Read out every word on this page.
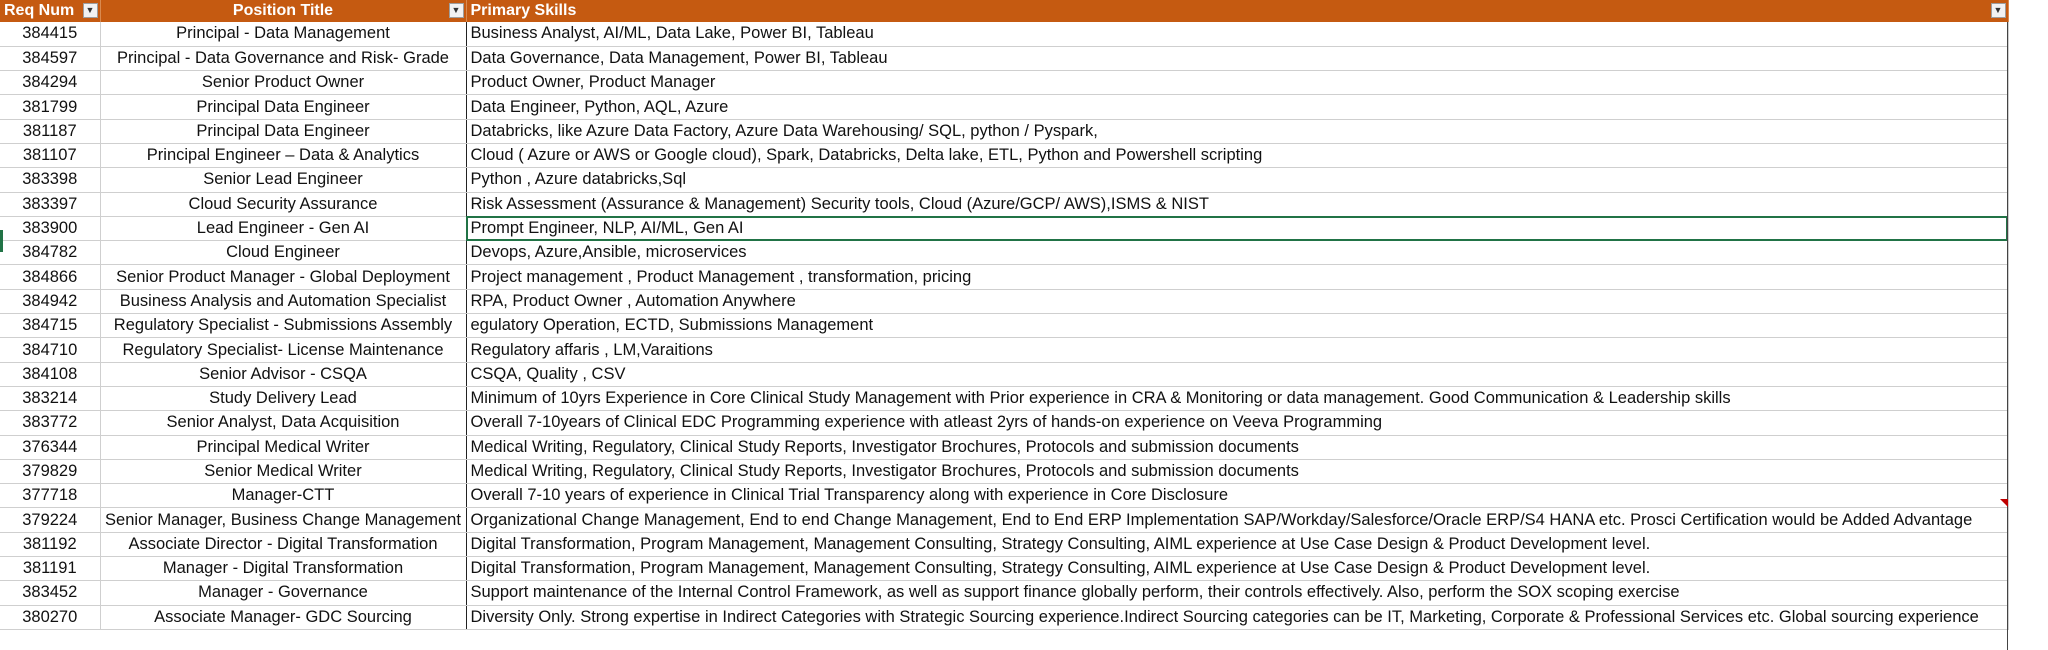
Req Num ▼	Position Title ▼	Primary Skills ▼

384415	Principal - Data Management	Business Analyst, AI/ML, Data Lake, Power BI, Tableau
384597	Principal - Data Governance and Risk- Grade	Data Governance, Data Management, Power BI, Tableau
384294	Senior Product Owner	Product Owner, Product Manager
381799	Principal Data Engineer	Data Engineer, Python, AQL, Azure
381187	Principal Data Engineer	Databricks, like Azure Data Factory, Azure Data Warehousing/ SQL, python / Pyspark,
381107	Principal Engineer – Data & Analytics	Cloud ( Azure or AWS or Google cloud), Spark, Databricks, Delta lake, ETL, Python and Powershell scripting
383398	Senior Lead Engineer	Python , Azure databricks,Sql
383397	Cloud Security Assurance	Risk Assessment (Assurance & Management) Security tools, Cloud (Azure/GCP/ AWS),ISMS & NIST
383900	Lead Engineer - Gen AI	Prompt Engineer, NLP, AI/ML, Gen AI
384782	Cloud Engineer	Devops, Azure,Ansible, microservices
384866	Senior Product Manager - Global Deployment	Project management , Product Management , transformation, pricing
384942	Business Analysis and Automation Specialist	RPA, Product Owner , Automation Anywhere
384715	Regulatory Specialist - Submissions Assembly	egulatory Operation, ECTD, Submissions Management
384710	Regulatory Specialist- License Maintenance	Regulatory affaris , LM,Varaitions
384108	Senior Advisor - CSQA	CSQA, Quality , CSV
383214	Study Delivery Lead	Minimum of 10yrs Experience in Core Clinical Study Management with Prior experience in CRA & Monitoring or data management. Good Communication & Leadership skills
383772	Senior Analyst, Data Acquisition	Overall 7-10years of Clinical EDC Programming experience with atleast 2yrs of hands-on experience on Veeva Programming
376344	Principal Medical Writer	Medical Writing, Regulatory, Clinical Study Reports, Investigator Brochures, Protocols and submission documents
379829	Senior Medical Writer	Medical Writing, Regulatory, Clinical Study Reports, Investigator Brochures, Protocols and submission documents
377718	Manager-CTT	Overall 7-10 years of experience in Clinical Trial Transparency along with experience in Core Disclosure
379224	Senior Manager, Business Change Management	Organizational Change Management, End to end Change Management, End to End ERP Implementation SAP/Workday/Salesforce/Oracle ERP/S4 HANA etc. Prosci Certification would be Added Advantage
381192	Associate Director - Digital Transformation	Digital Transformation, Program Management, Management Consulting, Strategy Consulting, AIML experience at Use Case Design & Product Development level.
381191	Manager - Digital Transformation	Digital Transformation, Program Management, Management Consulting, Strategy Consulting, AIML experience at Use Case Design & Product Development level.
383452	Manager - Governance	Support maintenance of the Internal Control Framework, as well as support finance globally perform, their controls effectively. Also, perform the SOX scoping exercise
380270	Associate Manager- GDC Sourcing	Diversity Only. Strong expertise in Indirect Categories with Strategic Sourcing experience.Indirect Sourcing categories can be IT, Marketing, Corporate & Professional Services etc. Global sourcing experience
